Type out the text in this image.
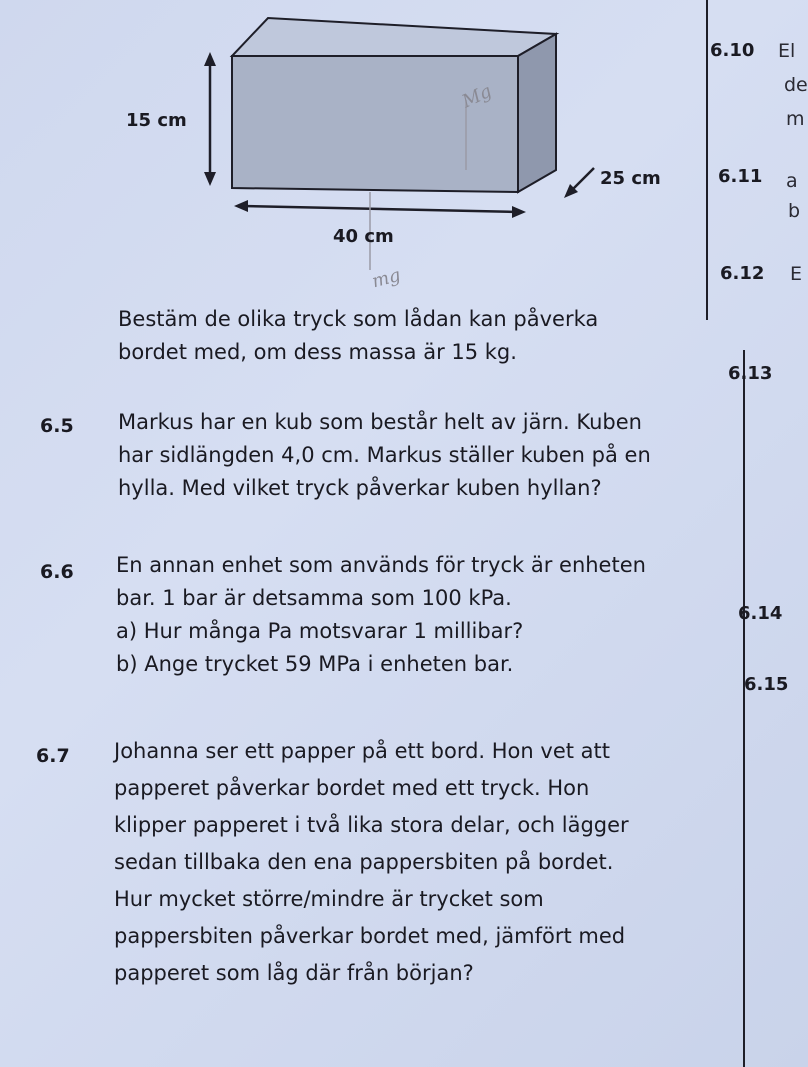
15 cm
25 cm
40 cm
Mg
mg
Bestäm de olika tryck som lådan kan påverka
bordet med, om dess massa är 15 kg.
6.5 Markus har en kub som består helt av järn. Kuben
har sidlängden 4,0 cm. Markus ställer kuben på en
hylla. Med vilket tryck påverkar kuben hyllan?
6.6 En annan enhet som används för tryck är enheten
bar. 1 bar är detsamma som 100 kPa.
a) Hur många Pa motsvarar 1 millibar?
b) Ange trycket 59 MPa i enheten bar.
6.7 Johanna ser ett papper på ett bord. Hon vet att
papperet påverkar bordet med ett tryck. Hon
klipper papperet i två lika stora delar, och lägger
sedan tillbaka den ena pappersbiten på bordet.
Hur mycket större/mindre är trycket som
pappersbiten påverkar bordet med, jämfört med
papperet som låg där från början?
6.10
6.11
6.12
6.13
6.14
6.15
El
de
m
a
b
E
